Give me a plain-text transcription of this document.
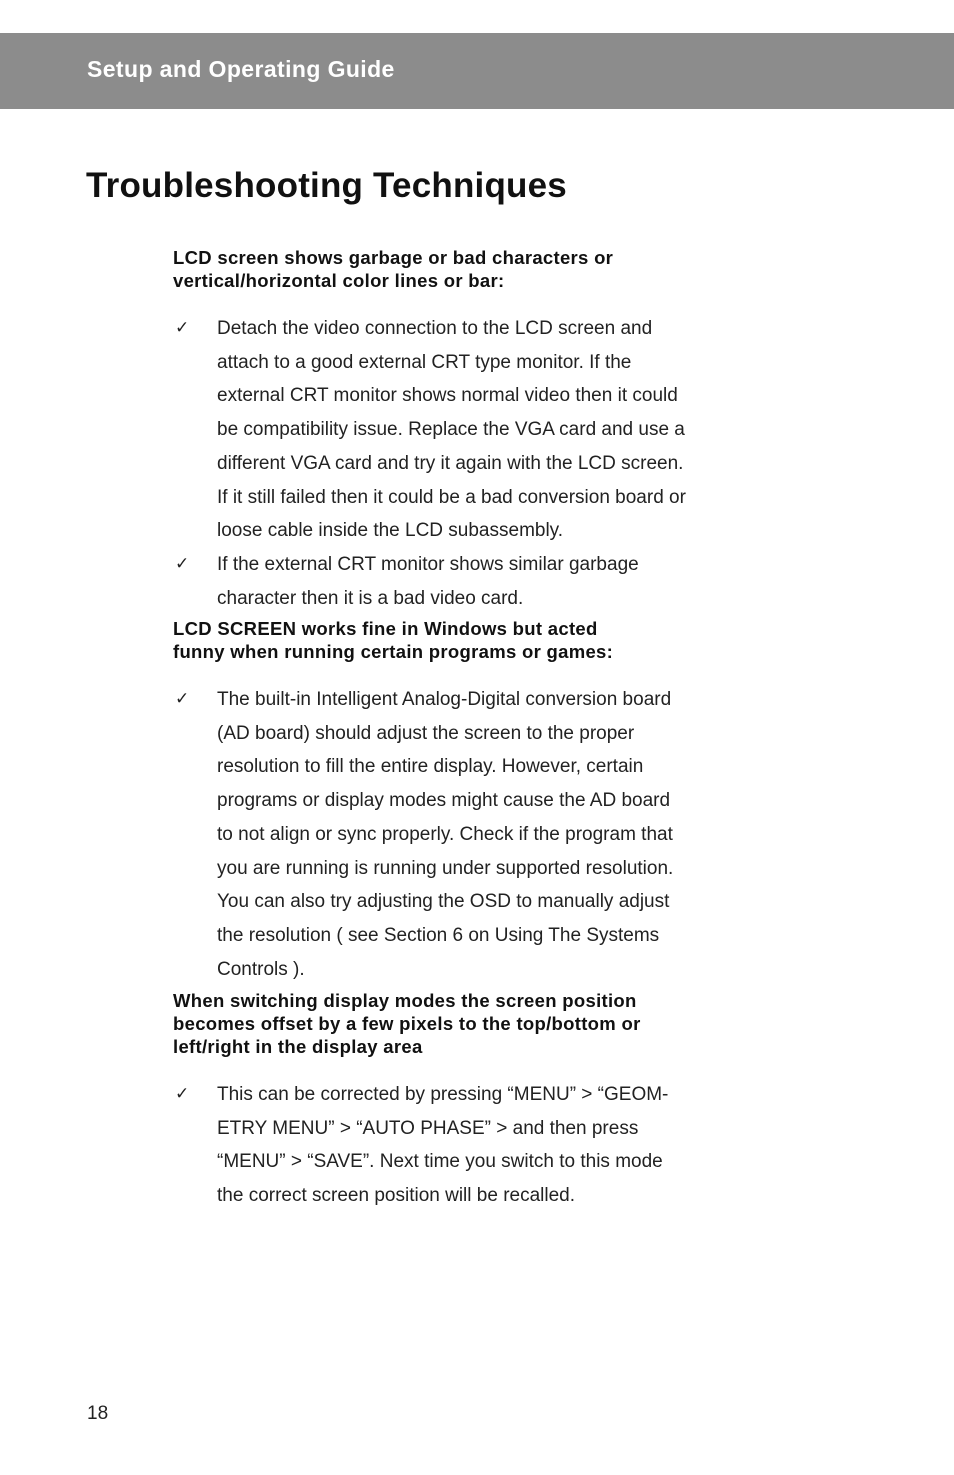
Setup and Operating Guide
Troubleshooting Techniques
LCD screen shows garbage or bad characters or
vertical/horizontal color lines or bar:
✓ Detach the video connection to the LCD screen and
attach to a good external CRT type monitor. If the
external CRT monitor shows normal video then it could
be compatibility issue. Replace the VGA card and use a
different VGA card and try it again with the LCD screen.
If it still failed then it could be a bad conversion board or
loose cable inside the LCD subassembly.
✓ If the external CRT monitor shows similar garbage
character then it is a bad video card.
LCD SCREEN works fine in Windows but acted
funny when running certain programs or games:
✓ The built-in Intelligent Analog-Digital conversion board
(AD board) should adjust the screen to the proper
resolution to fill the entire display. However, certain
programs or display modes might cause the AD board
to not align or sync properly. Check if the program that
you are running is running under supported resolution.
You can also try adjusting the OSD to manually adjust
the resolution ( see Section 6 on Using The Systems
Controls ).
When switching display modes the screen position
becomes offset by a few pixels to the top/bottom or
left/right in the display area
✓ This can be corrected by pressing “MENU” > “GEOM-
ETRY MENU” > “AUTO PHASE” > and then press
“MENU” > “SAVE”. Next time you switch to this mode
the correct screen position will be recalled.
18
